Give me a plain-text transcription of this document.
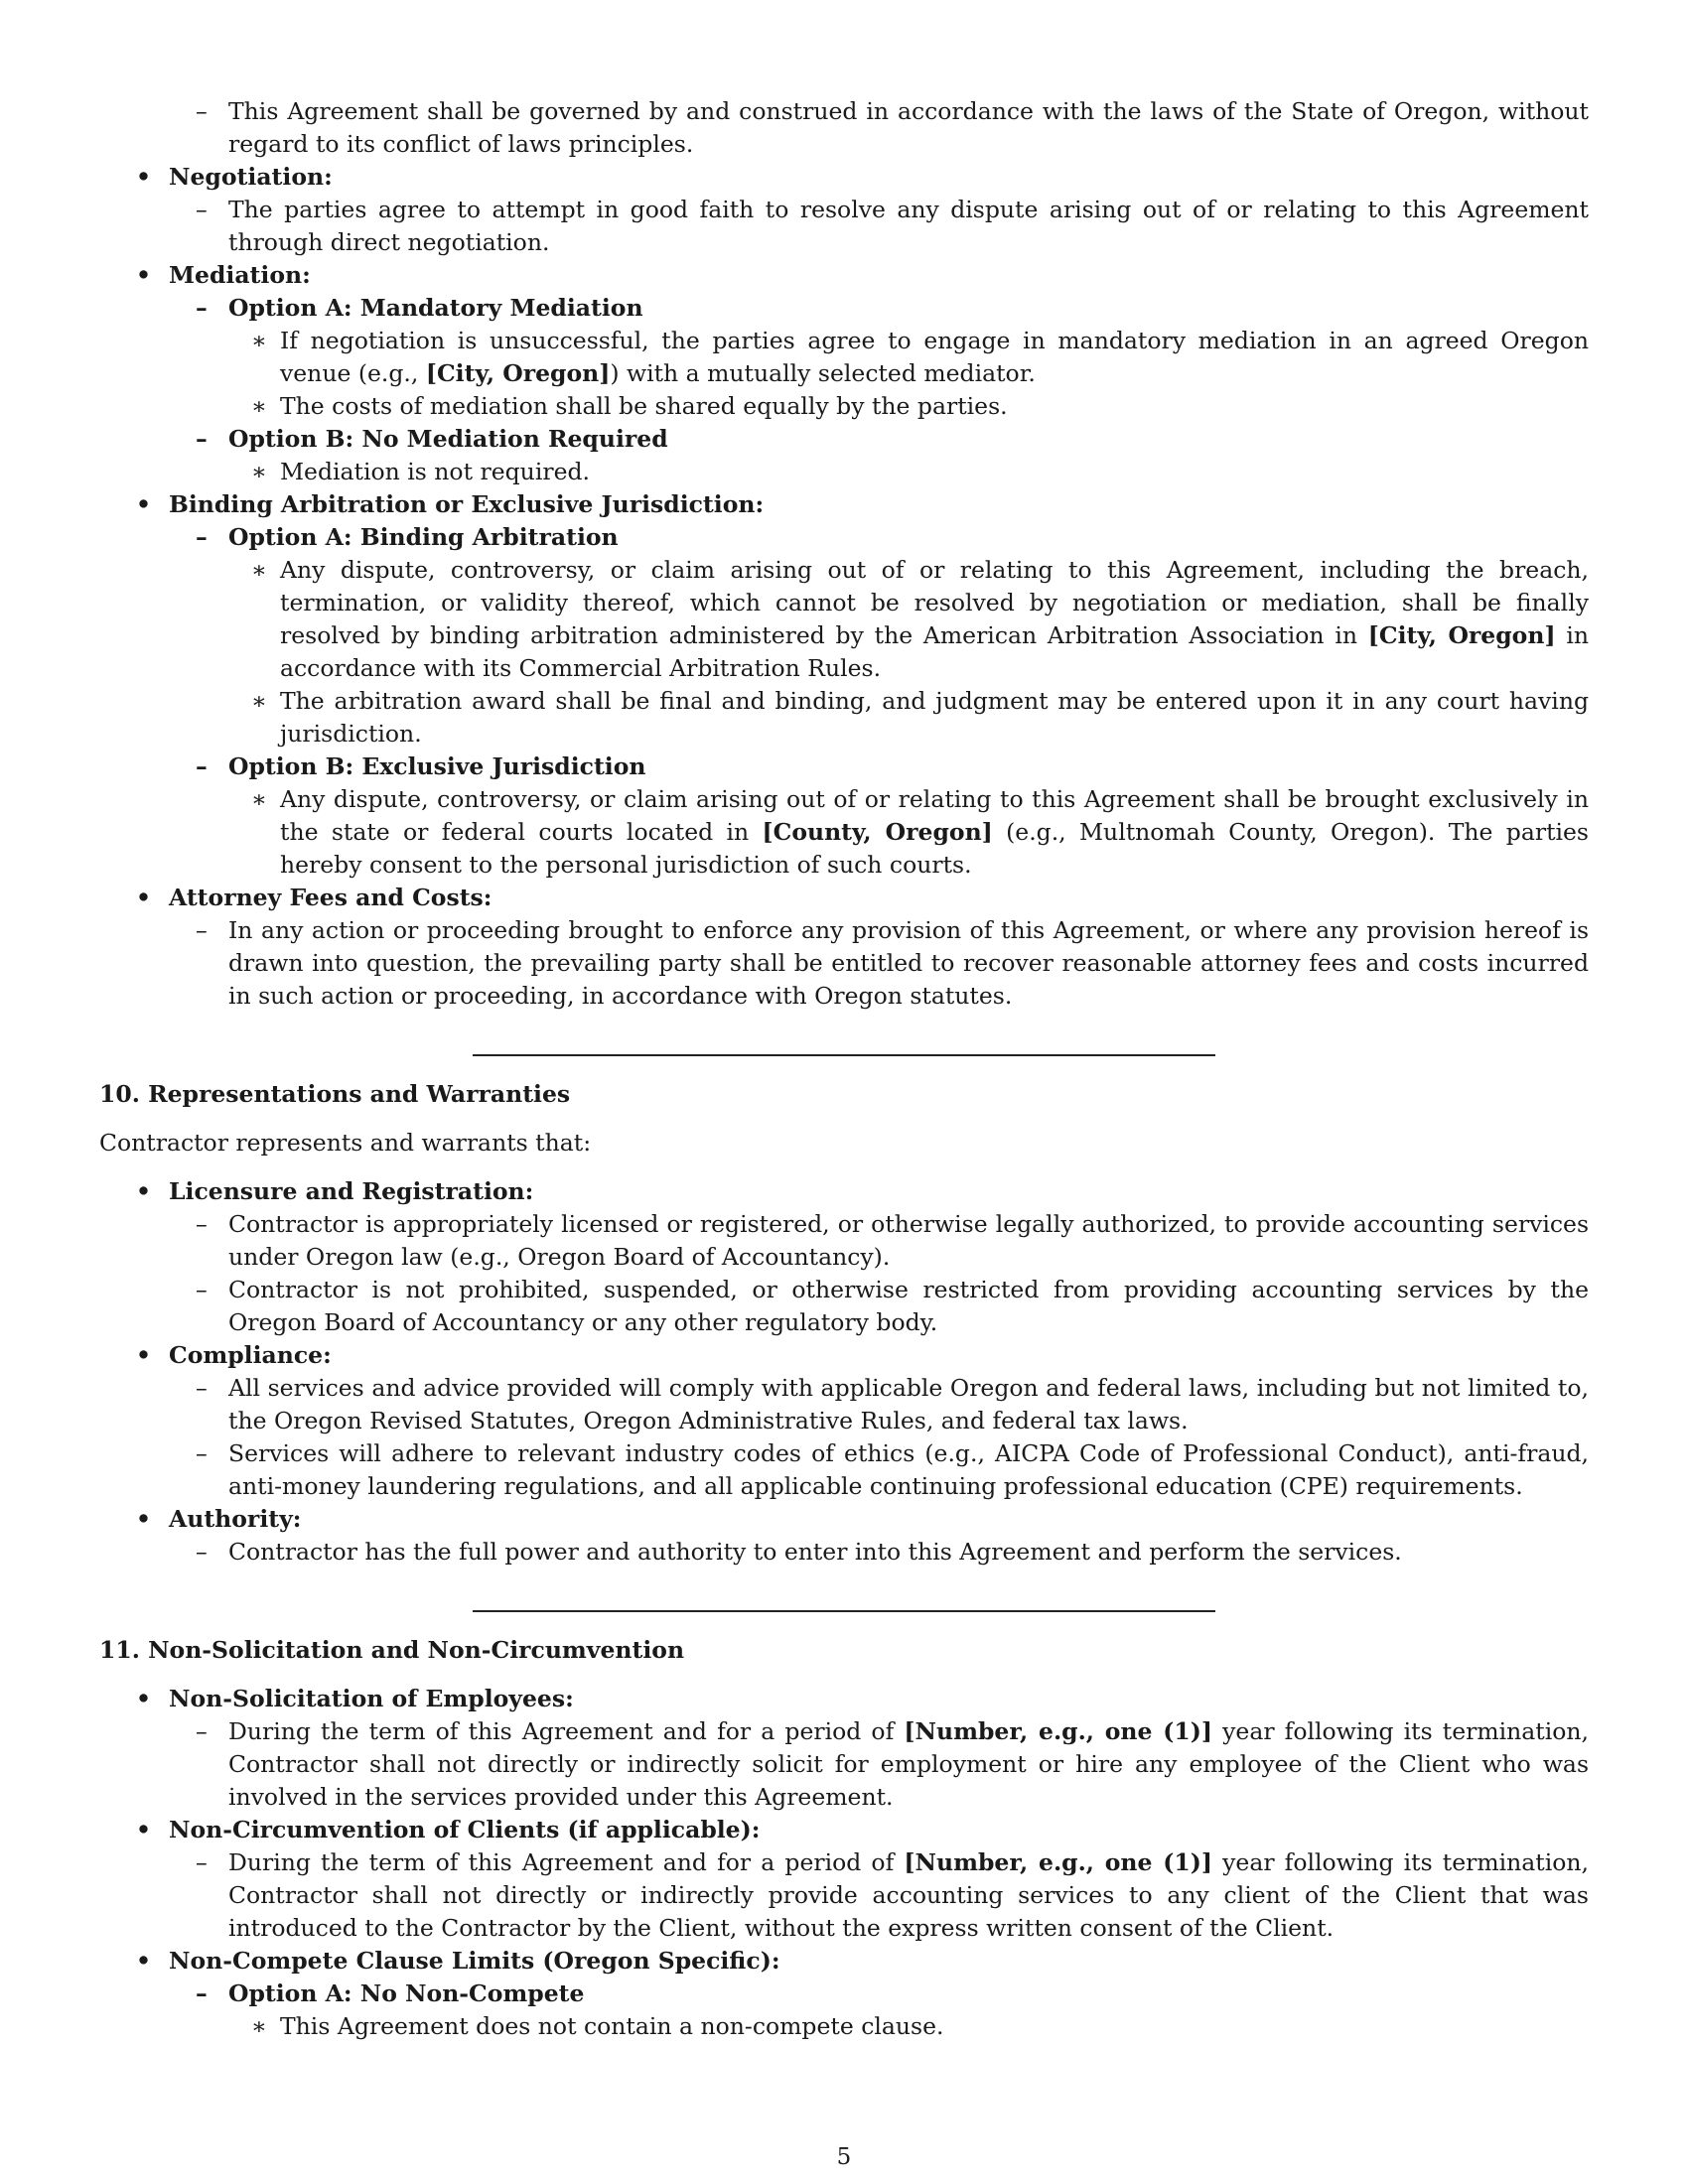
– This Agreement shall be governed by and construed in accordance with the laws of the State of Oregon, without regard to its conflict of laws principles.
• Negotiation:
– The parties agree to attempt in good faith to resolve any dispute arising out of or relating to this Agreement through direct negotiation.
• Mediation:
– Option A: Mandatory Mediation
∗ If negotiation is unsuccessful, the parties agree to engage in mandatory mediation in an agreed Oregon venue (e.g., [City, Oregon]) with a mutually selected mediator.
∗ The costs of mediation shall be shared equally by the parties.
– Option B: No Mediation Required
∗ Mediation is not required.
• Binding Arbitration or Exclusive Jurisdiction:
– Option A: Binding Arbitration
∗ Any dispute, controversy, or claim arising out of or relating to this Agreement, including the breach, termination, or validity thereof, which cannot be resolved by negotiation or mediation, shall be finally resolved by binding arbitration administered by the American Arbitration Association in [City, Oregon] in accordance with its Commercial Arbitration Rules.
∗ The arbitration award shall be final and binding, and judgment may be entered upon it in any court having jurisdiction.
– Option B: Exclusive Jurisdiction
∗ Any dispute, controversy, or claim arising out of or relating to this Agreement shall be brought exclusively in the state or federal courts located in [County, Oregon] (e.g., Multnomah County, Oregon). The parties hereby consent to the personal jurisdiction of such courts.
• Attorney Fees and Costs:
– In any action or proceeding brought to enforce any provision of this Agreement, or where any provision hereof is drawn into question, the prevailing party shall be entitled to recover reasonable attorney fees and costs incurred in such action or proceeding, in accordance with Oregon statutes.
10. Representations and Warranties
Contractor represents and warrants that:
• Licensure and Registration:
– Contractor is appropriately licensed or registered, or otherwise legally authorized, to provide accounting services under Oregon law (e.g., Oregon Board of Accountancy).
– Contractor is not prohibited, suspended, or otherwise restricted from providing accounting services by the Oregon Board of Accountancy or any other regulatory body.
• Compliance:
– All services and advice provided will comply with applicable Oregon and federal laws, including but not limited to, the Oregon Revised Statutes, Oregon Administrative Rules, and federal tax laws.
– Services will adhere to relevant industry codes of ethics (e.g., AICPA Code of Professional Conduct), anti-fraud, anti-money laundering regulations, and all applicable continuing professional education (CPE) requirements.
• Authority:
– Contractor has the full power and authority to enter into this Agreement and perform the services.
11. Non-Solicitation and Non-Circumvention
• Non-Solicitation of Employees:
– During the term of this Agreement and for a period of [Number, e.g., one (1)] year following its termination, Contractor shall not directly or indirectly solicit for employment or hire any employee of the Client who was involved in the services provided under this Agreement.
• Non-Circumvention of Clients (if applicable):
– During the term of this Agreement and for a period of [Number, e.g., one (1)] year following its termination, Contractor shall not directly or indirectly provide accounting services to any client of the Client that was introduced to the Contractor by the Client, without the express written consent of the Client.
• Non-Compete Clause Limits (Oregon Specific):
– Option A: No Non-Compete
∗ This Agreement does not contain a non-compete clause.
5
